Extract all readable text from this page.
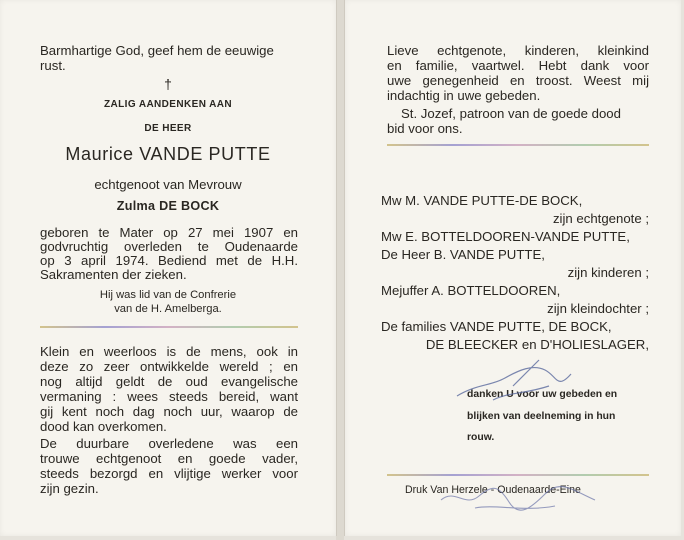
Barmhartige God, geef hem de eeuwige

rust.

†

ZALIG AANDENKEN AAN

DE HEER

Maurice VANDE PUTTE

echtgenoot van Mevrouw

Zulma DE BOCK

geboren te Mater op 27 mei 1907 en

godvruchtig overleden te Oudenaarde

op 3 april 1974. Bediend met de H.H.

Sakramenten der zieken.

Hij was lid van de Confrerie

van de H. Amelberga.

Klein en weerloos is de mens, ook in

deze zo zeer ontwikkelde wereld ; en

nog altijd geldt de oud evangelische

vermaning : wees steeds bereid, want

gij kent noch dag noch uur, waarop de

dood kan overkomen.

De duurbare overledene was een

trouwe echtgenoot en goede vader,

steeds bezorgd en vlijtige werker voor

zijn gezin.

Lieve echtgenote, kinderen, kleinkind

en familie, vaartwel. Hebt dank voor

uwe genegenheid en troost. Weest mij

indachtig in uwe gebeden.

St. Jozef, patroon van de goede dood

bid voor ons.

Mw M. VANDE PUTTE-DE BOCK,

zijn echtgenote ;

Mw E. BOTTELDOOREN-VANDE PUTTE,

De Heer B. VANDE PUTTE,

zijn kinderen ;

Mejuffer A. BOTTELDOOREN,

zijn kleindochter ;

De families VANDE PUTTE, DE BOCK,

DE BLEECKER en D'HOLIESLAGER,

danken U voor uw gebeden en

blijken van deelneming in hun

rouw.

Druk Van Herzele - Oudenaarde-Eine
